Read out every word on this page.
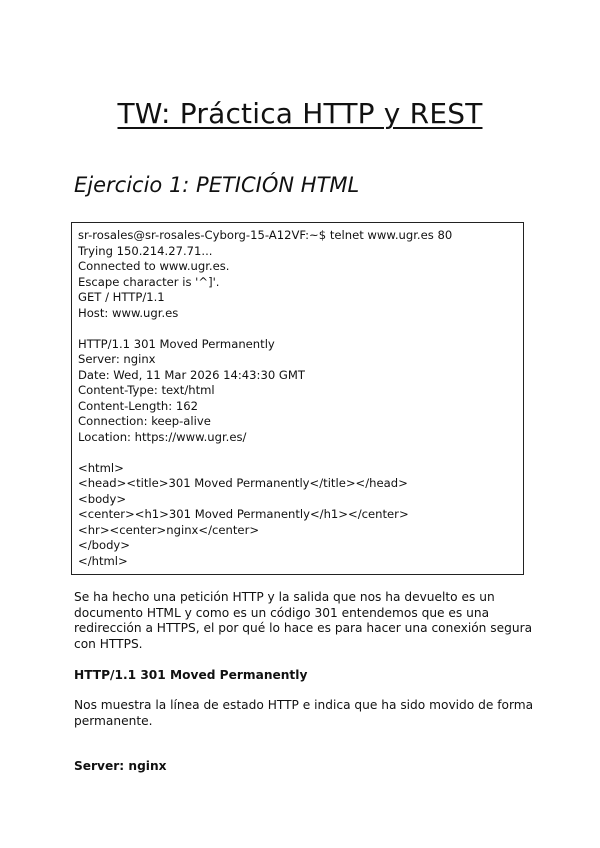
TW: Práctica HTTP y REST
Ejercicio 1: PETICIÓN HTML
sr-rosales@sr-rosales-Cyborg-15-A12VF:~$ telnet www.ugr.es 80
Trying 150.214.27.71...
Connected to www.ugr.es.
Escape character is '^]'.
GET / HTTP/1.1
Host: www.ugr.es
HTTP/1.1 301 Moved Permanently
Server: nginx
Date: Wed, 11 Mar 2026 14:43:30 GMT
Content-Type: text/html
Content-Length: 162
Connection: keep-alive
Location: https://www.ugr.es/
<html>
<head><title>301 Moved Permanently</title></head>
<body>
<center><h1>301 Moved Permanently</h1></center>
<hr><center>nginx</center>
</body>
</html>

Se ha hecho una petición HTTP y la salida que nos ha devuelto es un documento HTML y como es un código 301 entendemos que es una redirección a HTTPS, el por qué lo hace es para hacer una conexión segura con HTTPS.

HTTP/1.1 301 Moved Permanently

Nos muestra la línea de estado HTTP e indica que ha sido movido de forma permanente.

Server: nginx
